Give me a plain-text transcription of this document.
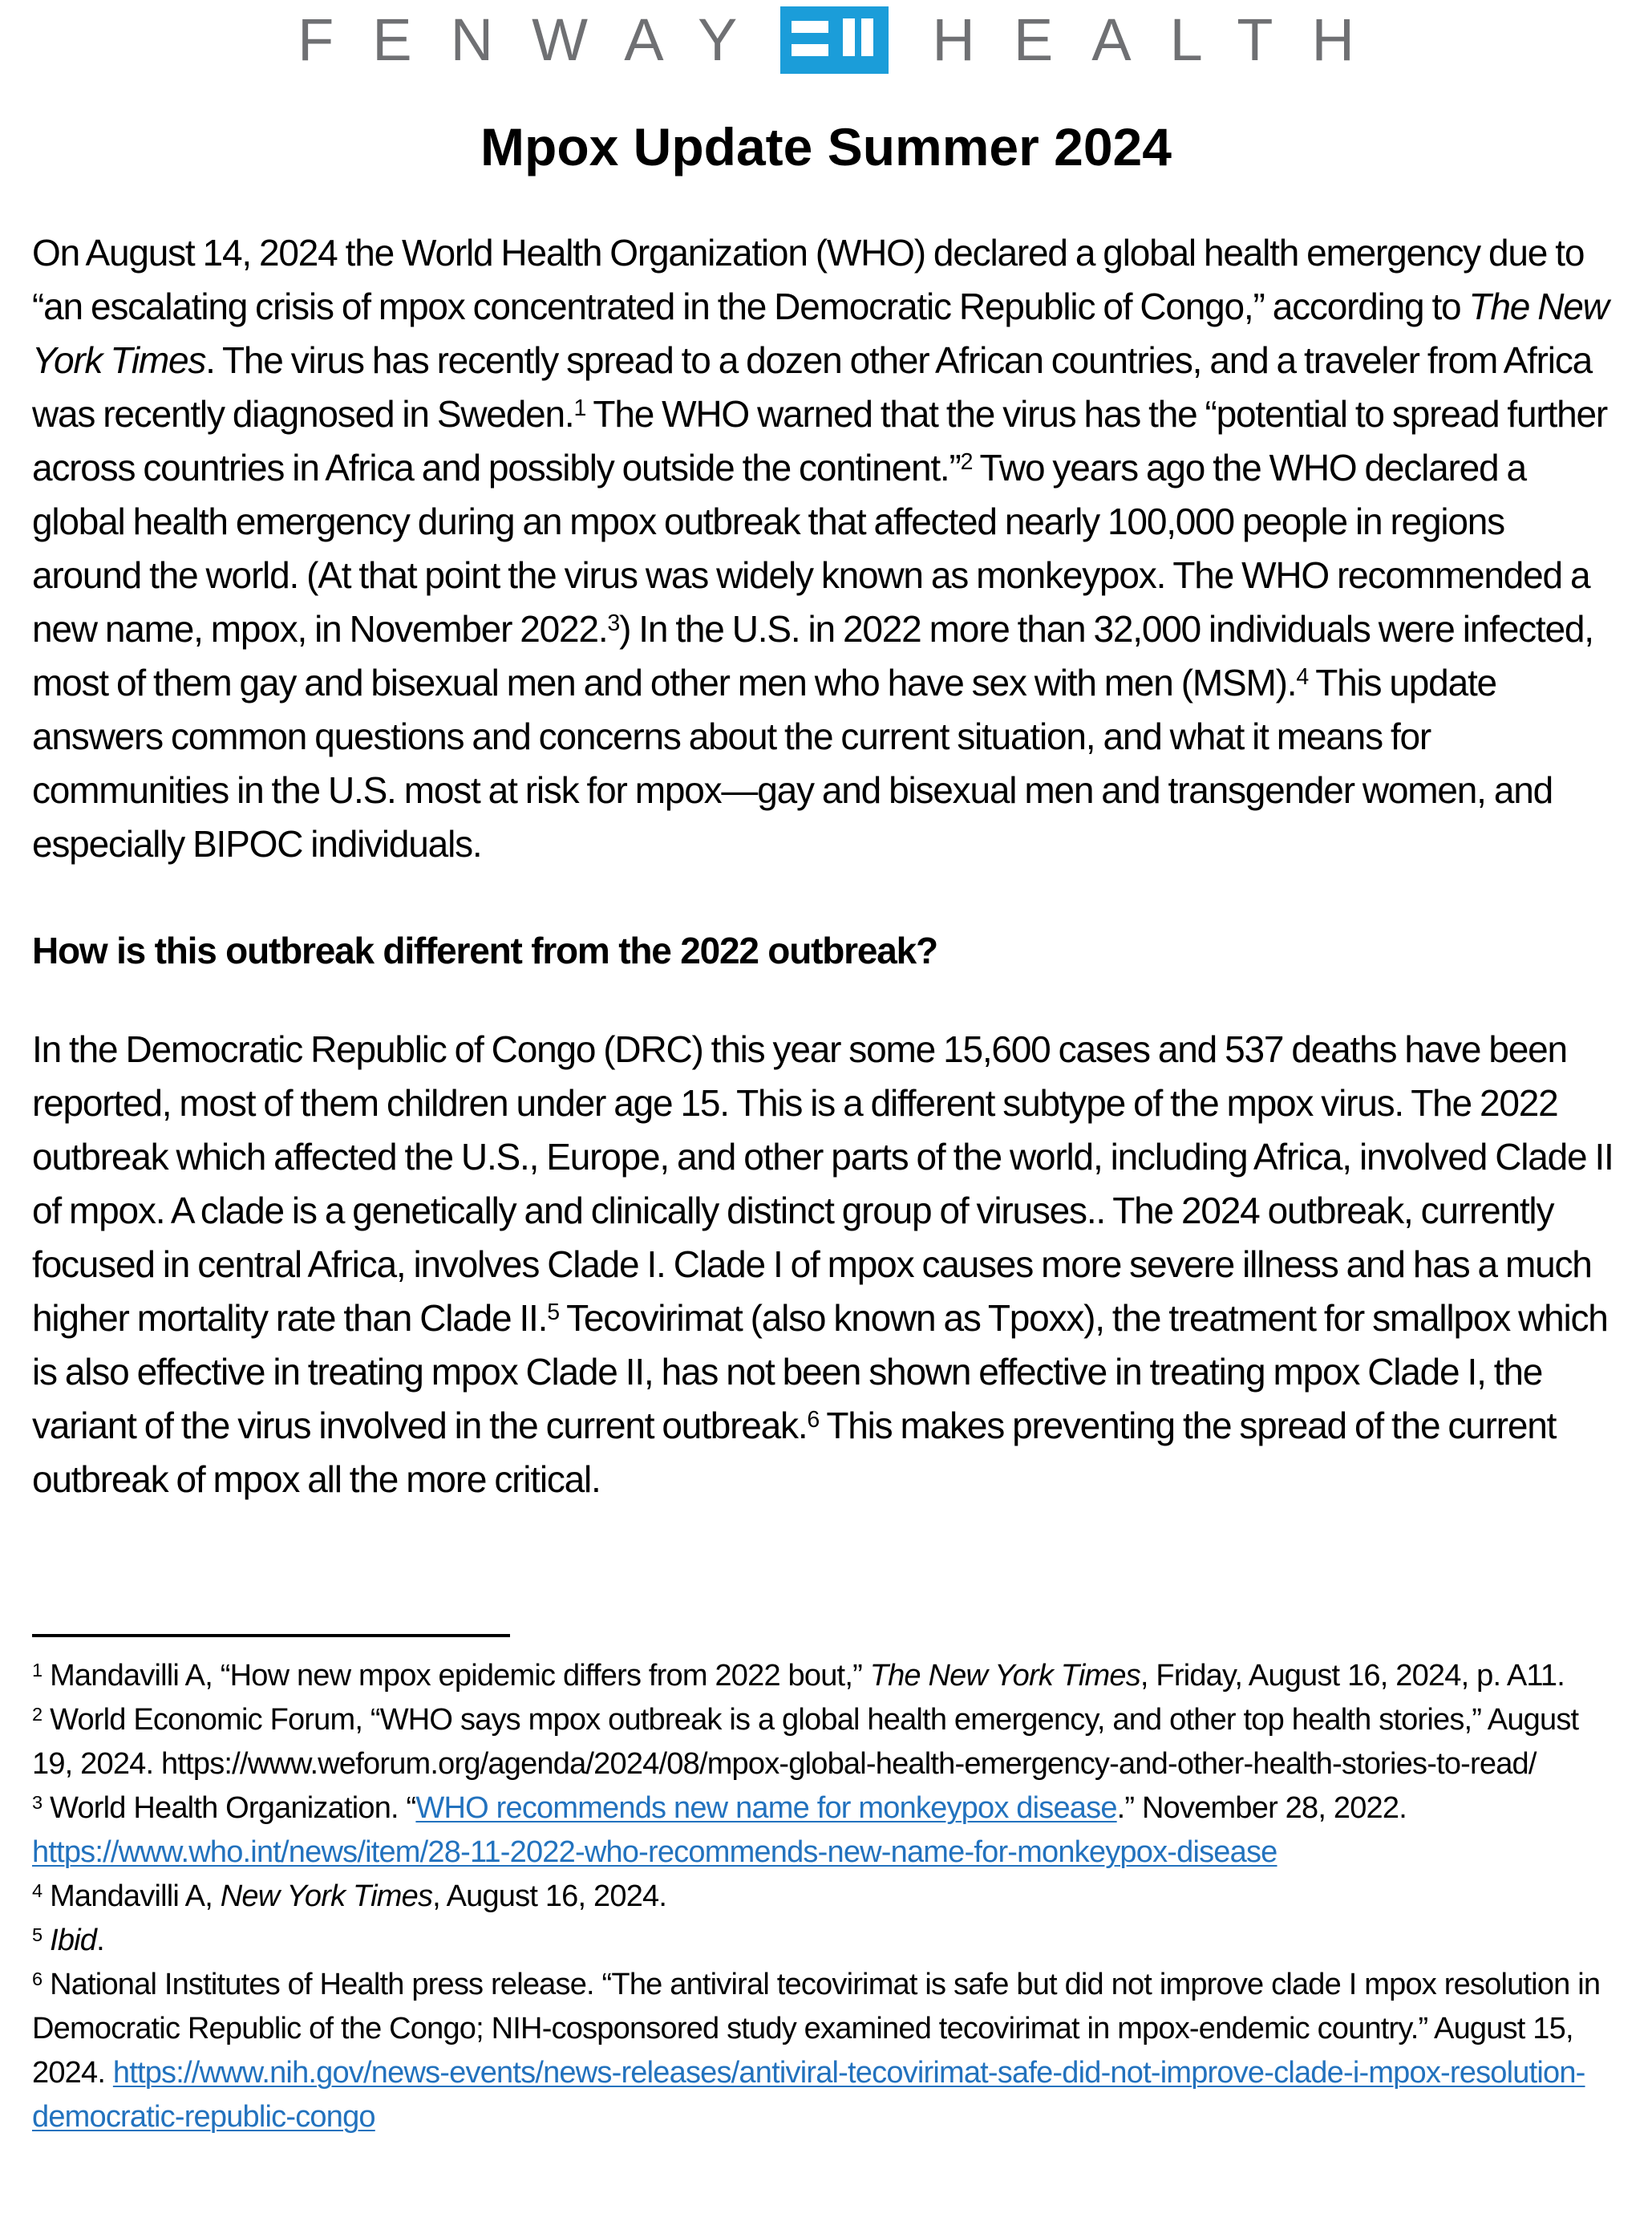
FENWAY	HEALTH
Mpox Update Summer 2024

On August 14, 2024 the World Health Organization (WHO) declared a global health emergency due to “an escalating crisis of mpox concentrated in the Democratic Republic of Congo,” according to The New York Times. The virus has recently spread to a dozen other African countries, and a traveler from Africa was recently diagnosed in Sweden.$^1$ The WHO warned that the virus has the “potential to spread further across countries in Africa and possibly outside the continent.”$^2$ Two years ago the WHO declared a global health emergency during an mpox outbreak that affected nearly 100,000 people in regions around the world. (At that point the virus was widely known as monkeypox. The WHO recommended a new name, mpox, in November 2022.$^3$) In the U.S. in 2022 more than 32,000 individuals were infected, most of them gay and bisexual men and other men who have sex with men (MSM).$^4$ This update answers common questions and concerns about the current situation, and what it means for communities in the U.S. most at risk for mpox—gay and bisexual men and transgender women, and especially BIPOC individuals.

How is this outbreak different from the 2022 outbreak?

In the Democratic Republic of Congo (DRC) this year some 15,600 cases and 537 deaths have been reported, most of them children under age 15. This is a different subtype of the mpox virus. The 2022 outbreak which affected the U.S., Europe, and other parts of the world, including Africa, involved Clade II of mpox. A clade is a genetically and clinically distinct group of viruses.. The 2024 outbreak, currently focused in central Africa, involves Clade I. Clade I of mpox causes more severe illness and has a much higher mortality rate than Clade II.$^5$ Tecovirimat (also known as Tpoxx), the treatment for smallpox which is also effective in treating mpox Clade II, has not been shown effective in treating mpox Clade I, the variant of the virus involved in the current outbreak.$^6$ This makes preventing the spread of the current outbreak of mpox all the more critical.

$^1$ Mandavilli A, “How new mpox epidemic differs from 2022 bout,” The New York Times, Friday, August 16, 2024, p. A11.
$^2$ World Economic Forum, “WHO says mpox outbreak is a global health emergency, and other top health stories,” August 19, 2024. https://www.weforum.org/agenda/2024/08/mpox-global-health-emergency-and-other-health-stories-to-read/
$^3$ World Health Organization. “WHO recommends new name for monkeypox disease.” November 28, 2022. https://www.who.int/news/item/28-11-2022-who-recommends-new-name-for-monkeypox-disease
$^4$ Mandavilli A, New York Times, August 16, 2024.
$^5$ Ibid.
$^6$ National Institutes of Health press release. “The antiviral tecovirimat is safe but did not improve clade I mpox resolution in Democratic Republic of the Congo; NIH-cosponsored study examined tecovirimat in mpox-endemic country.” August 15, 2024. https://www.nih.gov/news-events/news-releases/antiviral-tecovirimat-safe-did-not-improve-clade-i-mpox-resolution-democratic-republic-congo
